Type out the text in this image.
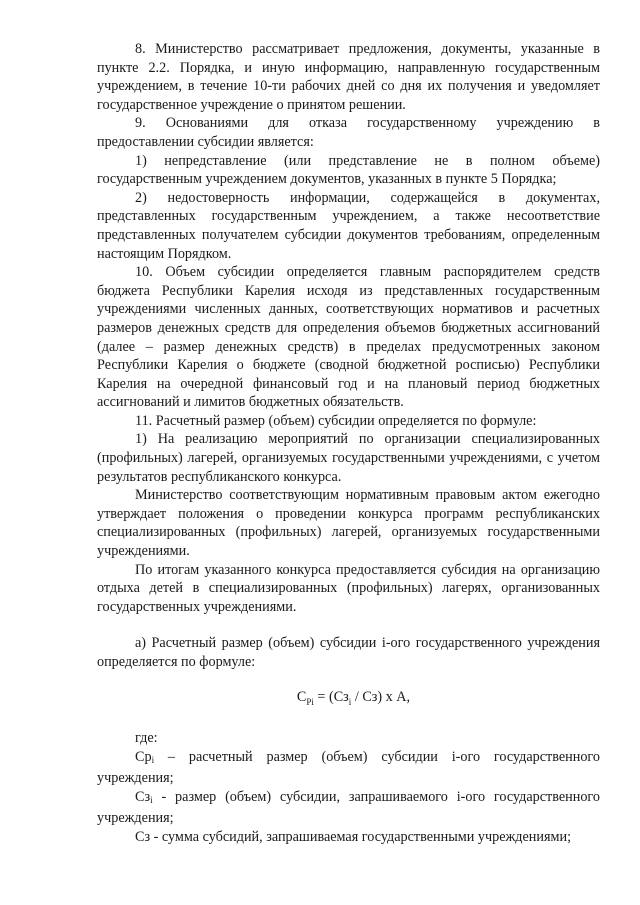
8. Министерство рассматривает предложения, документы, указанные в пункте 2.2. Порядка, и иную информацию, направленную государственным учреждением, в течение 10-ти рабочих дней со дня их получения и уведомляет государственное учреждение о принятом решении.

9. Основаниями для отказа государственному учреждению в предоставлении субсидии является:

1) непредставление (или представление не в полном объеме) государственным учреждением документов, указанных в пункте 5 Порядка;

2) недостоверность информации, содержащейся в документах, представленных государственным учреждением, а также несоответствие представленных получателем субсидии документов требованиям, определенным настоящим Порядком.

10. Объем субсидии определяется главным распорядителем средств бюджета Республики Карелия исходя из представленных государственным учреждениями численных данных, соответствующих нормативов и расчетных размеров денежных средств для определения объемов бюджетных ассигнований (далее – размер денежных средств) в пределах предусмотренных законом Республики Карелия о бюджете (сводной бюджетной росписью) Республики Карелия на очередной финансовый год и на плановый период бюджетных ассигнований и лимитов бюджетных обязательств.

11. Расчетный размер (объем) субсидии определяется по формуле:

1) На реализацию мероприятий по организации специализированных (профильных) лагерей, организуемых государственными учреждениями, с учетом результатов республиканского конкурса.

Министерство соответствующим нормативным правовым актом ежегодно утверждает положения о проведении конкурса программ республиканских специализированных (профильных) лагерей, организуемых государственными учреждениями.

По итогам указанного конкурса предоставляется субсидия на организацию отдыха детей в специализированных (профильных) лагерях, организованных государственных учреждениями.

а) Расчетный размер (объем) субсидии i-ого государственного учреждения определяется по формуле:

$С_{Pi} = (Сз_i / Сз)$ х А,

где:

$Ср_i$ – расчетный размер (объем) субсидии i-ого государственного учреждения;

$Сз_i$ - размер (объем) субсидии, запрашиваемого i-ого государственного учреждения;

Сз - сумма субсидий, запрашиваемая государственными учреждениями;
